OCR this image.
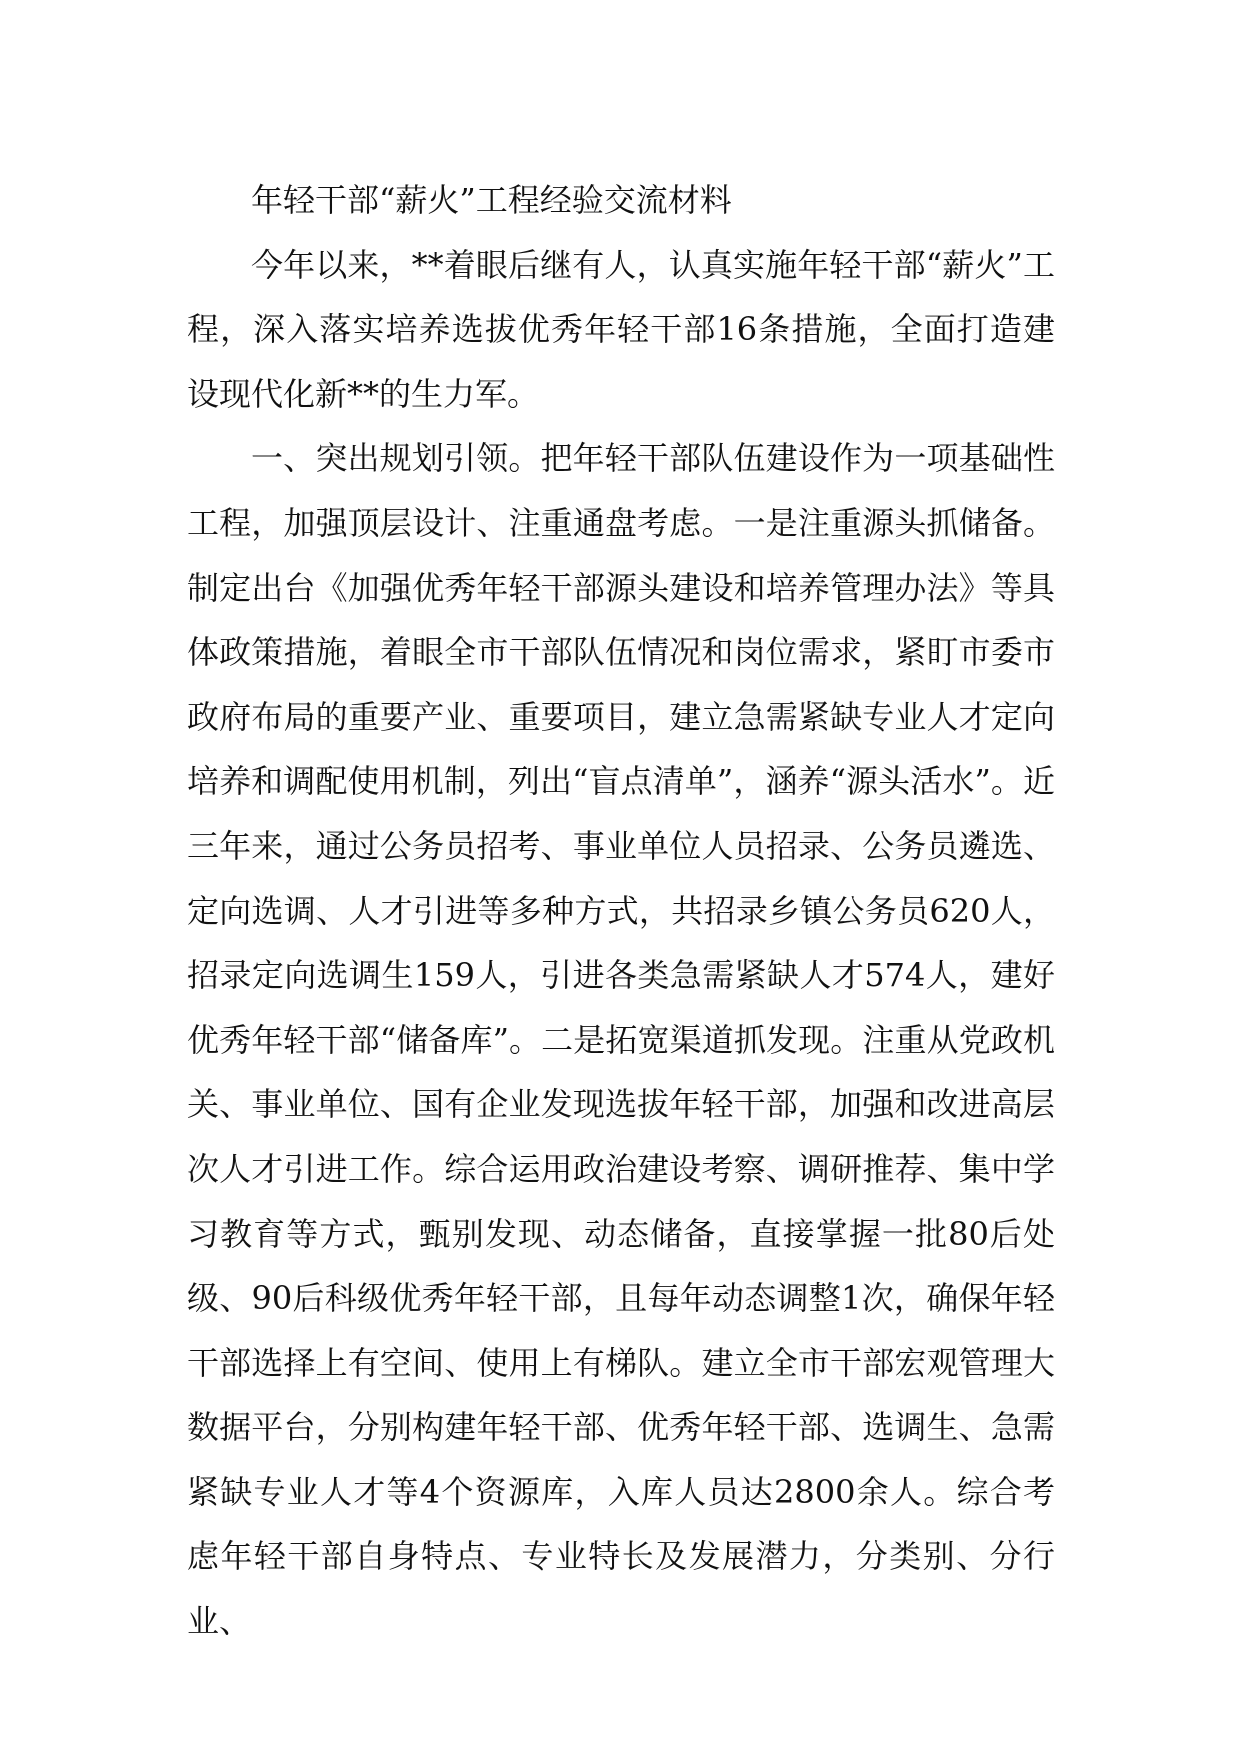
年轻干部“薪火”工程经验交流材料

今年以来，**着眼后继有人，认真实施年轻干部“薪火”工程，深入落实培养选拔优秀年轻干部16条措施，全面打造建设现代化新**的生力军。

一、突出规划引领。把年轻干部队伍建设作为一项基础性工程，加强顶层设计、注重通盘考虑。一是注重源头抓储备。制定出台《加强优秀年轻干部源头建设和培养管理办法》等具体政策措施，着眼全市干部队伍情况和岗位需求，紧盯市委市政府布局的重要产业、重要项目，建立急需紧缺专业人才定向培养和调配使用机制，列出“盲点清单”，涵养“源头活水”。近三年来，通过公务员招考、事业单位人员招录、公务员遴选、定向选调、人才引进等多种方式，共招录乡镇公务员620人，招录定向选调生159人，引进各类急需紧缺人才574人，建好优秀年轻干部“储备库”。二是拓宽渠道抓发现。注重从党政机关、事业单位、国有企业发现选拔年轻干部，加强和改进高层次人才引进工作。综合运用政治建设考察、调研推荐、集中学习教育等方式，甄别发现、动态储备，直接掌握一批80后处级、90后科级优秀年轻干部，且每年动态调整1次，确保年轻干部选择上有空间、使用上有梯队。建立全市干部宏观管理大数据平台，分别构建年轻干部、优秀年轻干部、选调生、急需紧缺专业人才等4个资源库，入库人员达2800余人。综合考虑年轻干部自身特点、专业特长及发展潜力，分类别、分行业、
